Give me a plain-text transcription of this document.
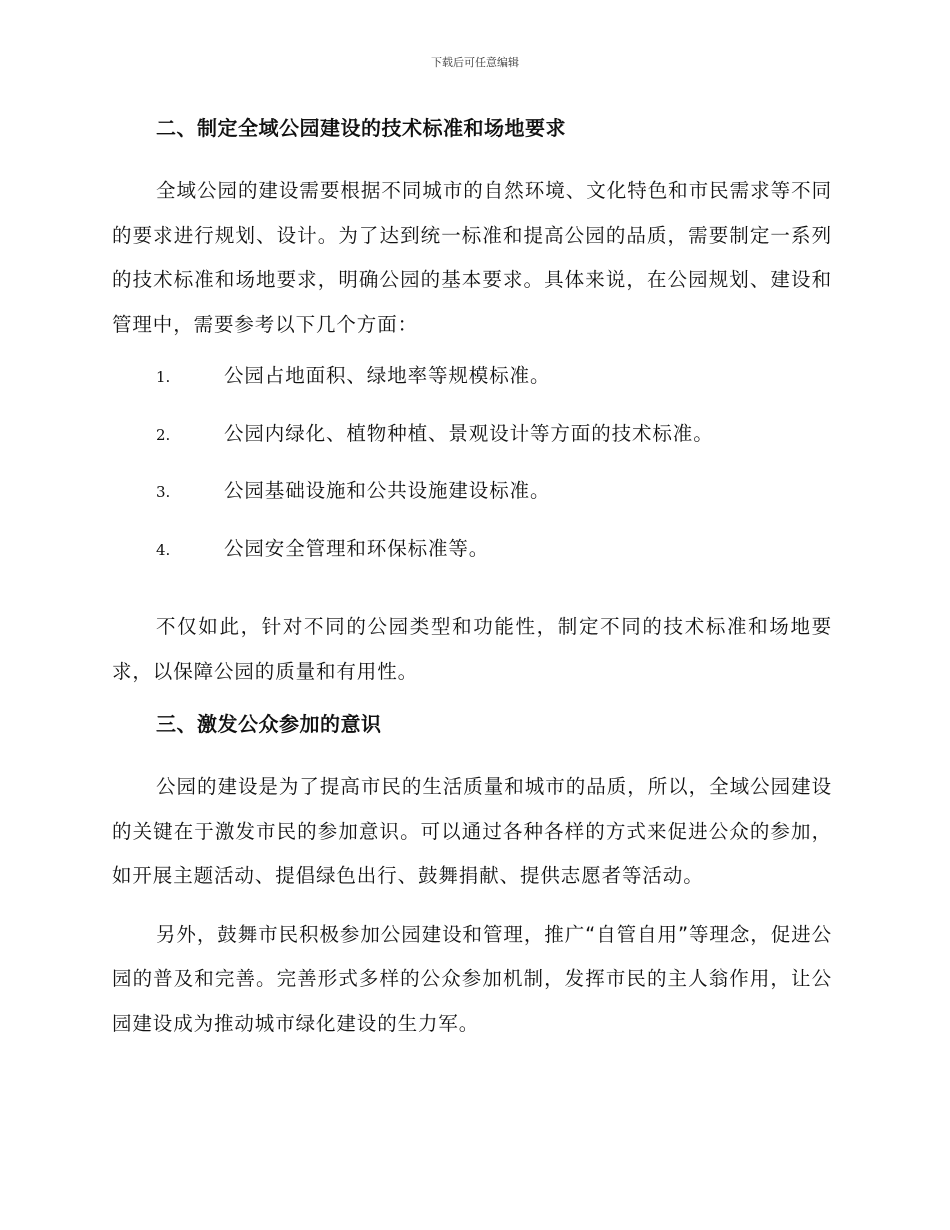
下载后可任意编辑
二、制定全域公园建设的技术标准和场地要求

全域公园的建设需要根据不同城市的自然环境、文化特色和市民需求等不同的要求进行规划、设计。为了达到统一标准和提高公园的品质，需要制定一系列的技术标准和场地要求，明确公园的基本要求。具体来说，在公园规划、建设和管理中，需要参考以下几个方面：

1.	公园占地面积、绿地率等规模标准。
2.	公园内绿化、植物种植、景观设计等方面的技术标准。
3.	公园基础设施和公共设施建设标准。
4.	公园安全管理和环保标准等。

不仅如此，针对不同的公园类型和功能性，制定不同的技术标准和场地要求，以保障公园的质量和有用性。

三、激发公众参加的意识

公园的建设是为了提高市民的生活质量和城市的品质，所以，全域公园建设的关键在于激发市民的参加意识。可以通过各种各样的方式来促进公众的参加，如开展主题活动、提倡绿色出行、鼓舞捐献、提供志愿者等活动。

另外，鼓舞市民积极参加公园建设和管理，推广“自管自用”等理念，促进公园的普及和完善。完善形式多样的公众参加机制，发挥市民的主人翁作用，让公园建设成为推动城市绿化建设的生力军。
